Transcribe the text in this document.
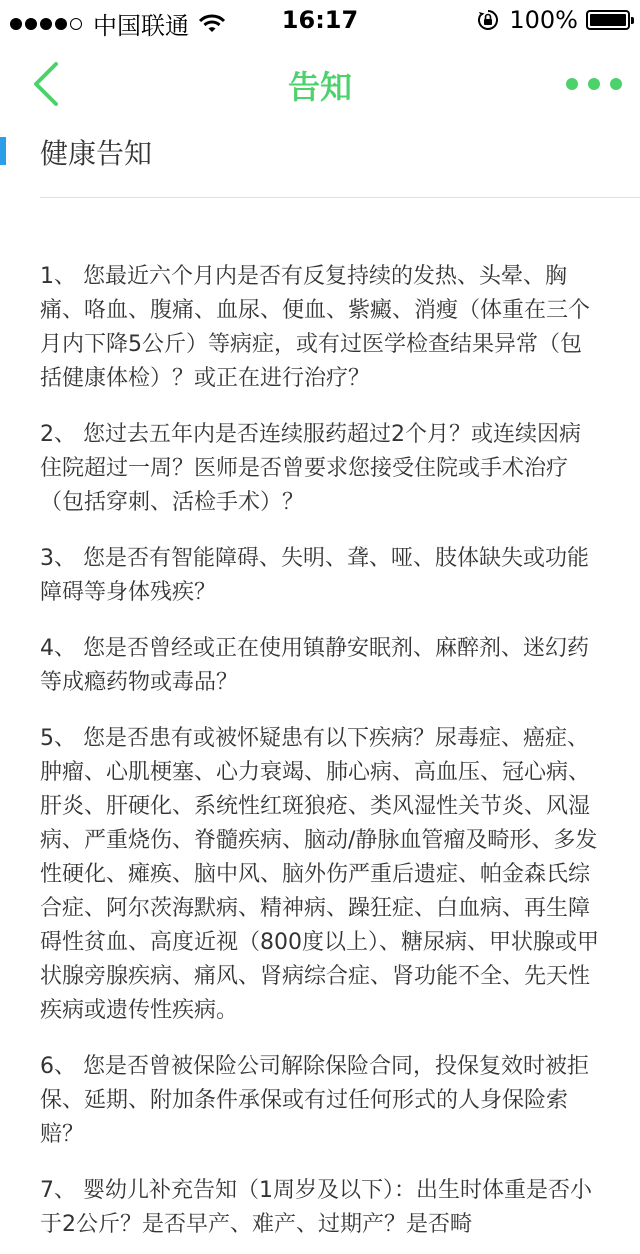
中国联通	16:17	100%
告知
健康告知

1、 您最近六个月内是否有反复持续的发热、头晕、胸痛、咯血、腹痛、血尿、便血、紫癜、消瘦（体重在三个月内下降5公斤）等病症，或有过医学检查结果异常（包括健康体检）？或正在进行治疗？

2、 您过去五年内是否连续服药超过2个月？或连续因病住院超过一周？医师是否曾要求您接受住院或手术治疗（包括穿刺、活检手术）？

3、 您是否有智能障碍、失明、聋、哑、肢体缺失或功能障碍等身体残疾？

4、 您是否曾经或正在使用镇静安眠剂、麻醉剂、迷幻药等成瘾药物或毒品？

5、 您是否患有或被怀疑患有以下疾病？尿毒症、癌症、肿瘤、心肌梗塞、心力衰竭、肺心病、高血压、冠心病、肝炎、肝硬化、系统性红斑狼疮、类风湿性关节炎、风湿病、严重烧伤、脊髓疾病、脑动/静脉血管瘤及畸形、多发性硬化、瘫痪、脑中风、脑外伤严重后遗症、帕金森氏综合症、阿尔茨海默病、精神病、躁狂症、白血病、再生障碍性贫血、高度近视（800度以上）、糖尿病、甲状腺或甲状腺旁腺疾病、痛风、肾病综合症、肾功能不全、先天性疾病或遗传性疾病。

6、 您是否曾被保险公司解除保险合同，投保复效时被拒保、延期、附加条件承保或有过任何形式的人身保险索赔？

7、 婴幼儿补充告知（1周岁及以下）：出生时体重是否小于2公斤？是否早产、难产、过期产？是否畸
